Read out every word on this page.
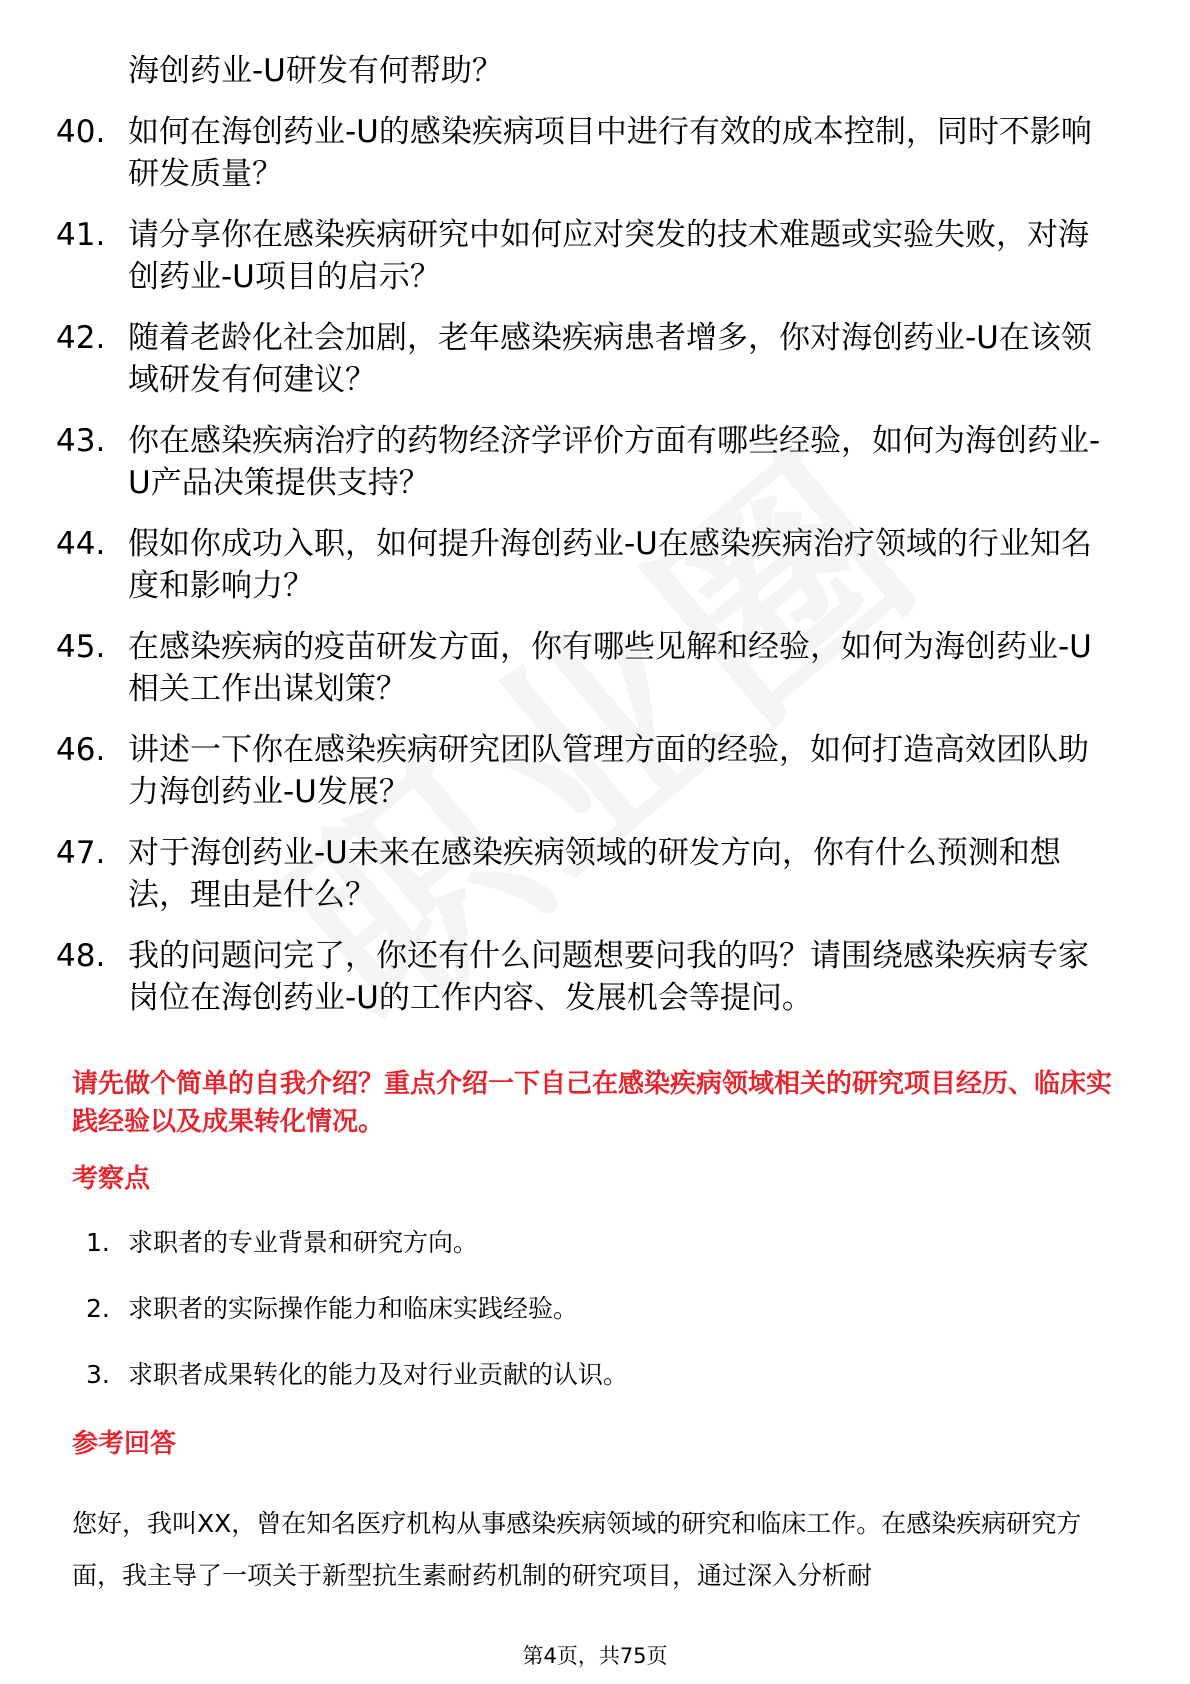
海创药业-U研发有何帮助？
40. 如何在海创药业-U的感染疾病项目中进行有效的成本控制，同时不影响研发质量？
41. 请分享你在感染疾病研究中如何应对突发的技术难题或实验失败，对海创药业-U项目的启示？
42. 随着老龄化社会加剧，老年感染疾病患者增多，你对海创药业-U在该领域研发有何建议？
43. 你在感染疾病治疗的药物经济学评价方面有哪些经验，如何为海创药业-U产品决策提供支持？
44. 假如你成功入职，如何提升海创药业-U在感染疾病治疗领域的行业知名度和影响力？
45. 在感染疾病的疫苗研发方面，你有哪些见解和经验，如何为海创药业-U相关工作出谋划策？
46. 讲述一下你在感染疾病研究团队管理方面的经验，如何打造高效团队助力海创药业-U发展？
47. 对于海创药业-U未来在感染疾病领域的研发方向，你有什么预测和想法，理由是什么？
48. 我的问题问完了，你还有什么问题想要问我的吗？请围绕感染疾病专家岗位在海创药业-U的工作内容、发展机会等提问。
请先做个简单的自我介绍？重点介绍一下自己在感染疾病领域相关的研究项目经历、临床实践经验以及成果转化情况。
考察点
1. 求职者的专业背景和研究方向。
2. 求职者的实际操作能力和临床实践经验。
3. 求职者成果转化的能力及对行业贡献的认识。
参考回答
您好，我叫XX，曾在知名医疗机构从事感染疾病领域的研究和临床工作。在感染疾病研究方面，我主导了一项关于新型抗生素耐药机制的研究项目，通过深入分析耐
第4页，共75页
